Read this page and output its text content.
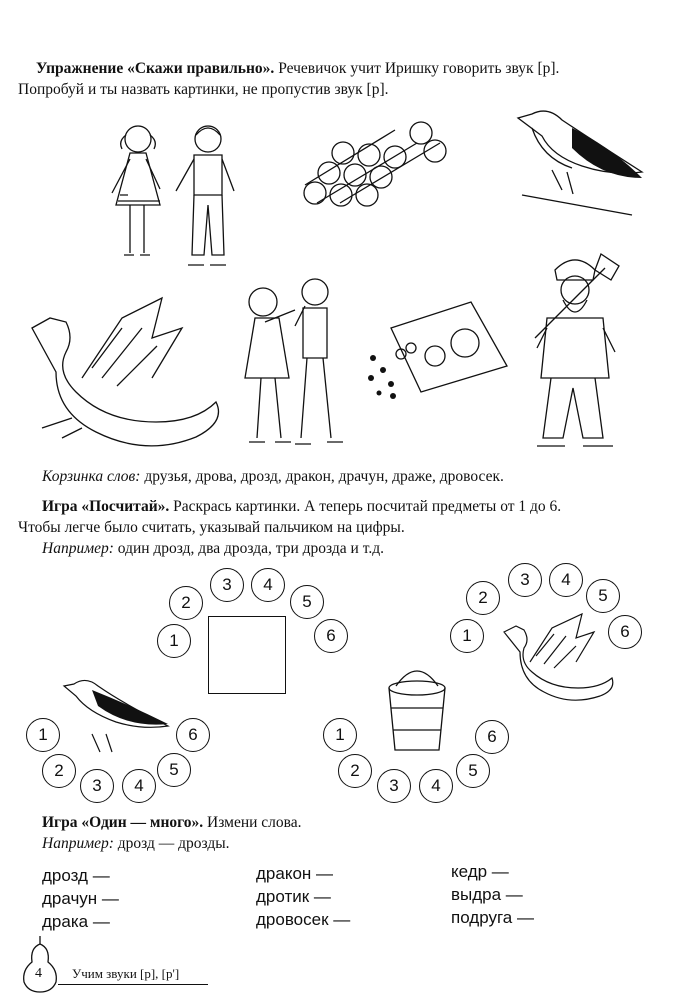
Упражнение «Скажи правильно». Речевичок учит Иришку говорить звук [р].
Попробуй и ты назвать картинки, не пропустив звук [р].
Корзинка слов: друзья, дрова, дрозд, дракон, драчун, драже, дровосек.
Игра «Посчитай». Раскрась картинки. А теперь посчитай предметы от 1 до 6.
Чтобы легче было считать, указывай пальчиком на цифры.
Например: один дрозд, два дрозда, три дрозда и т.д.
1
2
3	4
5
6	1
2
3	4
5
6
1
2
3	4
5
6	1
2
3	4
5
6
Игра «Один — много». Измени слова.
Например: дрозд — дрозды.
дрозд —
драчун —
драка —
дракон —
дротик —
дровосек —
кедр —
выдра —
подруга —
4 Учим звуки [р], [р']
